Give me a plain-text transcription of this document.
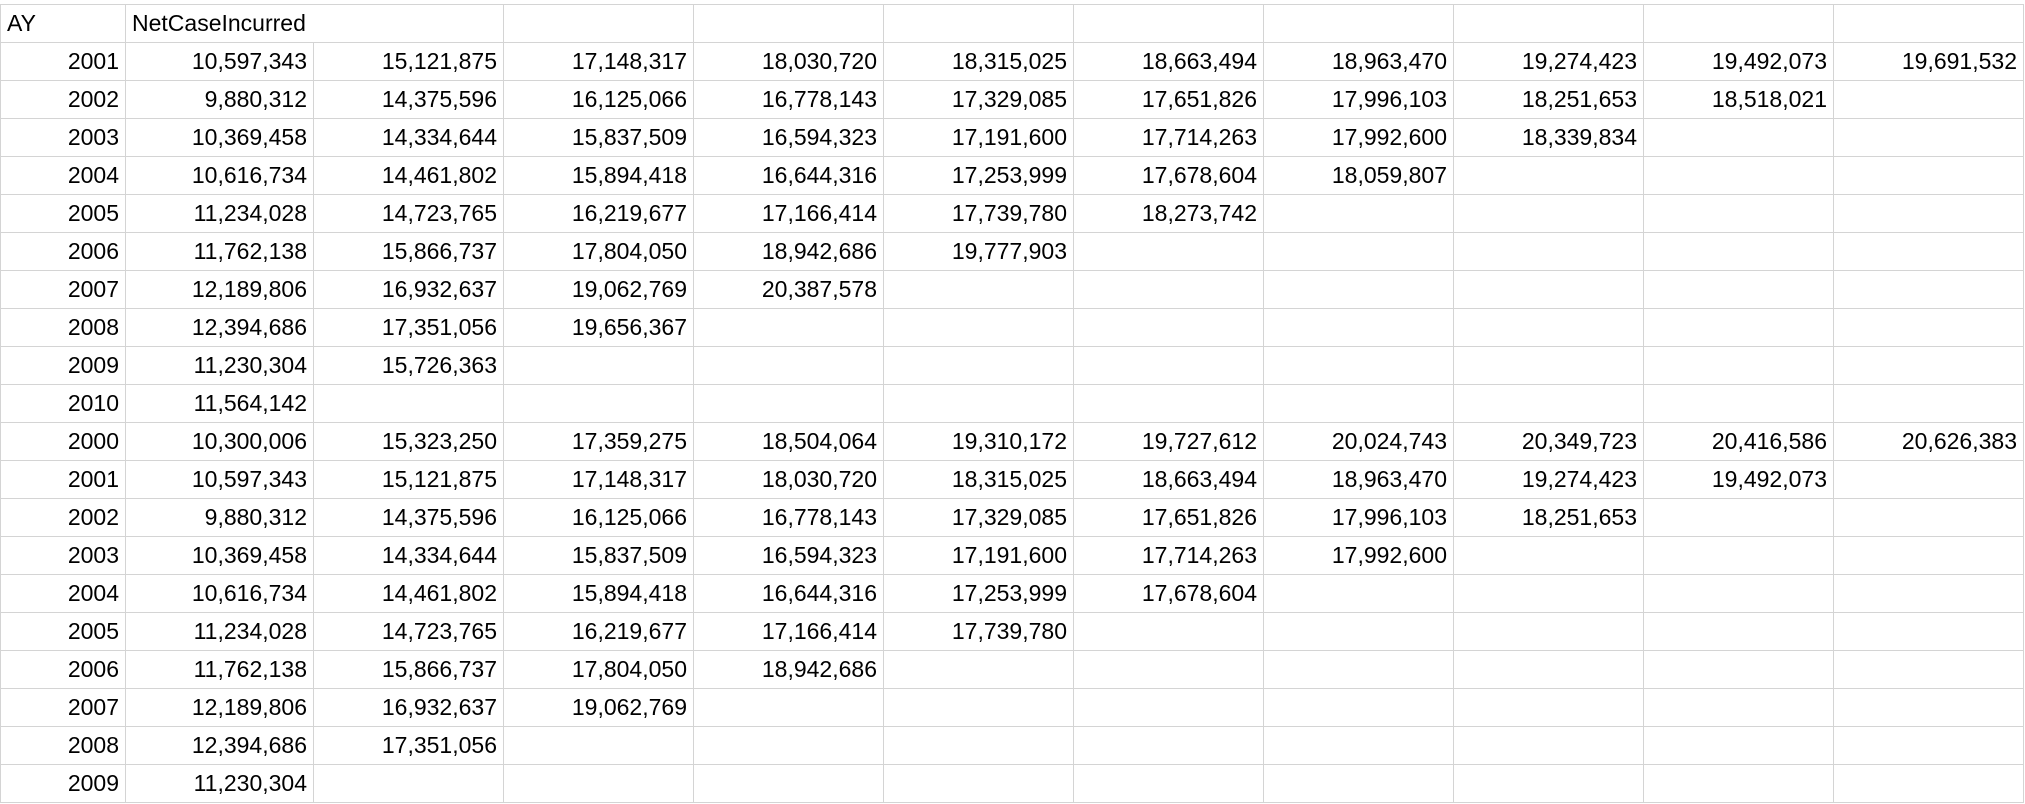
AY	NetCaseIncurred									
2001	10,597,343	15,121,875	17,148,317	18,030,720	18,315,025	18,663,494	18,963,470	19,274,423	19,492,073	19,691,532
2002	9,880,312	14,375,596	16,125,066	16,778,143	17,329,085	17,651,826	17,996,103	18,251,653	18,518,021	
2003	10,369,458	14,334,644	15,837,509	16,594,323	17,191,600	17,714,263	17,992,600	18,339,834		
2004	10,616,734	14,461,802	15,894,418	16,644,316	17,253,999	17,678,604	18,059,807			
2005	11,234,028	14,723,765	16,219,677	17,166,414	17,739,780	18,273,742				
2006	11,762,138	15,866,737	17,804,050	18,942,686	19,777,903					
2007	12,189,806	16,932,637	19,062,769	20,387,578						
2008	12,394,686	17,351,056	19,656,367							
2009	11,230,304	15,726,363								
2010	11,564,142									
2000	10,300,006	15,323,250	17,359,275	18,504,064	19,310,172	19,727,612	20,024,743	20,349,723	20,416,586	20,626,383
2001	10,597,343	15,121,875	17,148,317	18,030,720	18,315,025	18,663,494	18,963,470	19,274,423	19,492,073	
2002	9,880,312	14,375,596	16,125,066	16,778,143	17,329,085	17,651,826	17,996,103	18,251,653		
2003	10,369,458	14,334,644	15,837,509	16,594,323	17,191,600	17,714,263	17,992,600			
2004	10,616,734	14,461,802	15,894,418	16,644,316	17,253,999	17,678,604				
2005	11,234,028	14,723,765	16,219,677	17,166,414	17,739,780					
2006	11,762,138	15,866,737	17,804,050	18,942,686						
2007	12,189,806	16,932,637	19,062,769							
2008	12,394,686	17,351,056								
2009	11,230,304									
